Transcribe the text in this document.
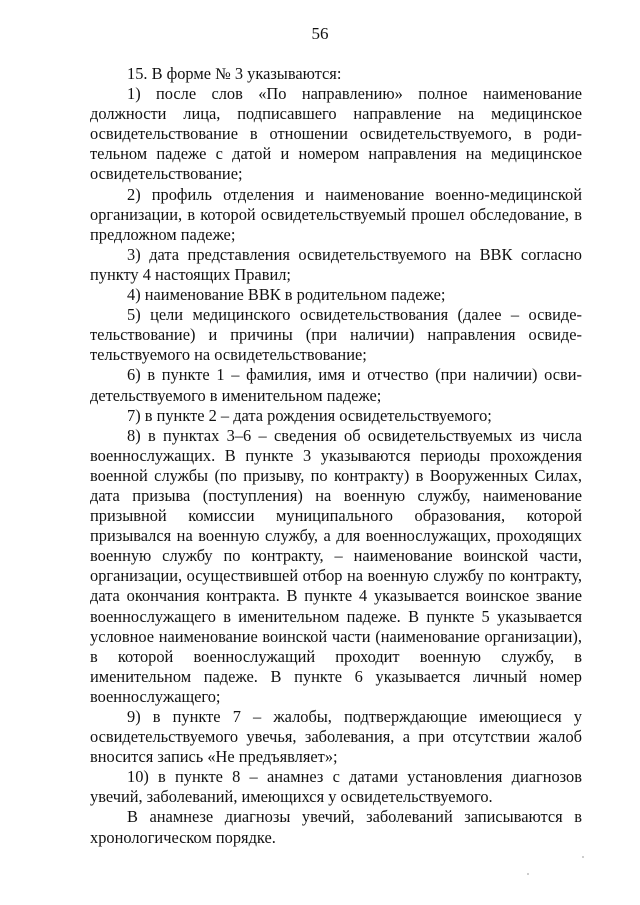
56

15. В форме № 3 указываются:

1) после слов «По направлению» полное наименование должности лица, подписавшего направление на медицинское освидетельствование в отношении освидетельствуемого, в родительном падеже с датой и номером направления на медицинское освидетельствование;

2) профиль отделения и наименование военно-медицинской организации, в которой освидетельствуемый прошел обследование, в предложном падеже;

3) дата представления освидетельствуемого на ВВК согласно пункту 4 настоящих Правил;

4) наименование ВВК в родительном падеже;

5) цели медицинского освидетельствования (далее – освидетельствование) и причины (при наличии) направления освидетельствуемого на освидетельствование;

6) в пункте 1 – фамилия, имя и отчество (при наличии) освидетельствуемого в именительном падеже;

7) в пункте 2 – дата рождения освидетельствуемого;

8) в пунктах 3–6 – сведения об освидетельствуемых из числа военнослужащих. В пункте 3 указываются периоды прохождения военной службы (по призыву, по контракту) в Вооруженных Силах, дата призыва (поступления) на военную службу, наименование призывной комиссии муниципального образования, которой призывался на военную службу, а для военнослужащих, проходящих военную службу по контракту, – наименование воинской части, организации, осуществившей отбор на военную службу по контракту, дата окончания контракта. В пункте 4 указывается воинское звание военнослужащего в именительном падеже. В пункте 5 указывается условное наименование воинской части (наименование организации), в которой военнослужащий проходит военную службу, в именительном падеже. В пункте 6 указывается личный номер военнослужащего;

9) в пункте 7 – жалобы, подтверждающие имеющиеся у освидетельствуемого увечья, заболевания, а при отсутствии жалоб вносится запись «Не предъявляет»;

10) в пункте 8 – анамнез с датами установления диагнозов увечий, заболеваний, имеющихся у освидетельствуемого.

В анамнезе диагнозы увечий, заболеваний записываются в хронологическом порядке.
